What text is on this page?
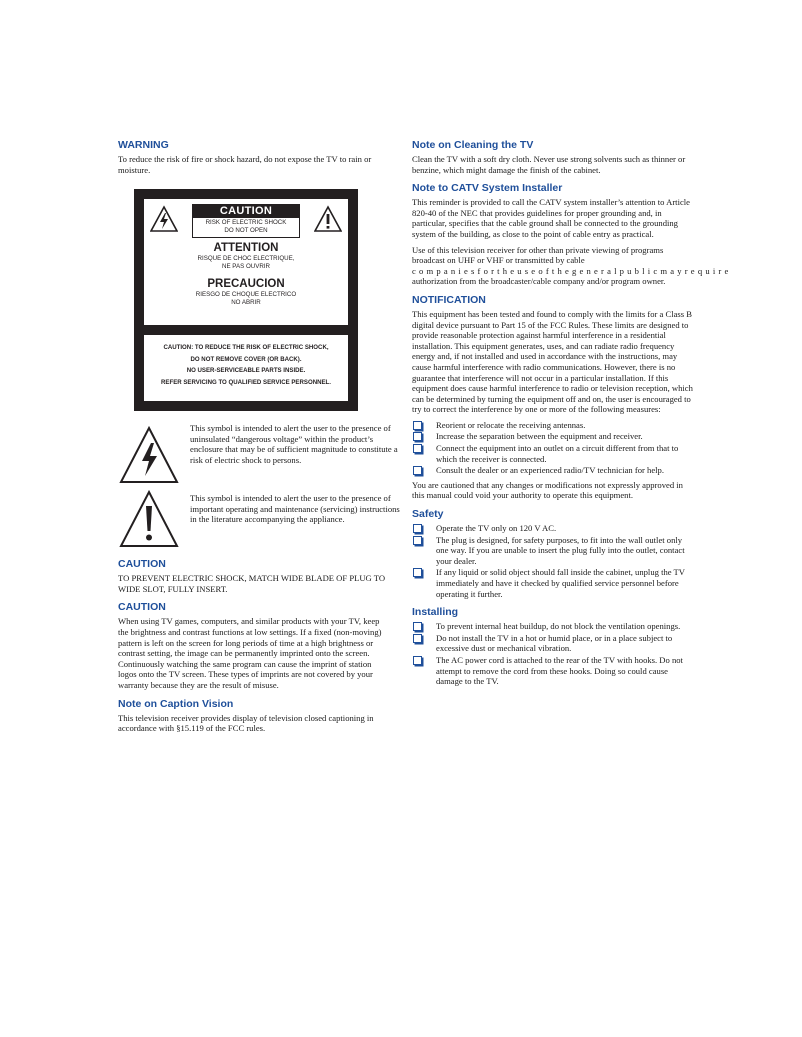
WARNING

To reduce the risk of fire or shock hazard, do not expose the TV to rain or moisture.

CAUTION
RISK OF ELECTRIC SHOCK
DO NOT OPEN
ATTENTION
RISQUE DE CHOC ELECTRIQUE,
NE PAS OUVRIR
PRECAUCION
RIESGO DE CHOQUE ELECTRICO
NO ABRIR
CAUTION: TO REDUCE THE RISK OF ELECTRIC SHOCK,
DO NOT REMOVE COVER (OR BACK).
NO USER-SERVICEABLE PARTS INSIDE.
REFER SERVICING TO QUALIFIED SERVICE PERSONNEL.

This symbol is intended to alert the user to the presence of uninsulated “dangerous voltage” within the product’s enclosure that may be of sufficient magnitude to constitute a risk of electric shock to persons.

This symbol is intended to alert the user to the presence of important operating and maintenance (servicing) instructions in the literature accompanying the appliance.

CAUTION

TO PREVENT ELECTRIC SHOCK, MATCH WIDE BLADE OF PLUG TO WIDE SLOT, FULLY INSERT.

CAUTION

When using TV games, computers, and similar products with your TV, keep the brightness and contrast functions at low settings. If a fixed (non-moving) pattern is left on the screen for long periods of time at a high brightness or contrast setting, the image can be permanently imprinted onto the screen. Continuously watching the same program can cause the imprint of station logos onto the TV screen. These types of imprints are not covered by your warranty because they are the result of misuse.

Note on Caption Vision

This television receiver provides display of television closed captioning in accordance with §15.119 of the FCC rules.

Note on Cleaning the TV

Clean the TV with a soft dry cloth. Never use strong solvents such as thinner or benzine, which might damage the finish of the cabinet.

Note to CATV System Installer

This reminder is provided to call the CATV system installer’s attention to Article 820-40 of the NEC that provides guidelines for proper grounding and, in particular, specifies that the cable ground shall be connected to the grounding system of the building, as close to the point of cable entry as practical.

Use of this television receiver for other than private viewing of programs broadcast on UHF or VHF or transmitted by cable
companiesfortheuseofthegeneralpublicmayrequire
authorization from the broadcaster/cable company and/or program owner.

NOTIFICATION

This equipment has been tested and found to comply with the limits for a Class B digital device pursuant to Part 15 of the FCC Rules. These limits are designed to provide reasonable protection against harmful interference in a residential installation. This equipment generates, uses, and can radiate radio frequency energy and, if not installed and used in accordance with the instructions, may cause harmful interference with radio communications. However, there is no guarantee that interference will not occur in a particular installation. If this equipment does cause harmful interference to radio or television reception, which can be determined by turning the equipment off and on, the user is encouraged to try to correct the interference by one or more of the following measures:

Reorient or relocate the receiving antennas.
Increase the separation between the equipment and receiver.
Connect the equipment into an outlet on a circuit different from that to which the receiver is connected.
Consult the dealer or an experienced radio/TV technician for help.

You are cautioned that any changes or modifications not expressly approved in this manual could void your authority to operate this equipment.

Safety
Operate the TV only on 120 V AC.
The plug is designed, for safety purposes, to fit into the wall outlet only one way. If you are unable to insert the plug fully into the outlet, contact your dealer.
If any liquid or solid object should fall inside the cabinet, unplug the TV immediately and have it checked by qualified service personnel before operating it further.
Installing
To prevent internal heat buildup, do not block the ventilation openings.
Do not install the TV in a hot or humid place, or in a place subject to excessive dust or mechanical vibration.
The AC power cord is attached to the rear of the TV with hooks. Do not attempt to remove the cord from these hooks. Doing so could cause damage to the TV.
